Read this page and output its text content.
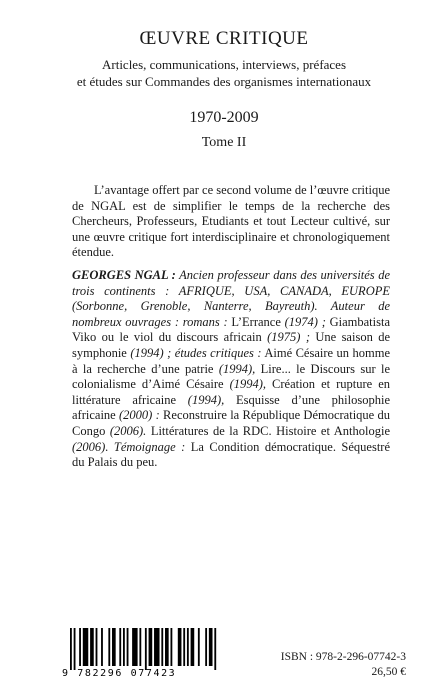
ŒUVRE CRITIQUE
Articles, communications, interviews, préfaces
et études sur Commandes des organismes internationaux
1970-2009
Tome II

L’avantage offert par ce second volume de l’œuvre critique de NGAL est de simplifier le temps de la recherche des Chercheurs, Professeurs, Etudiants et tout Lecteur cultivé, sur une œuvre critique fort interdisciplinaire et chronologiquement étendue.

GEORGES NGAL : Ancien professeur dans des universités de trois continents : AFRIQUE, USA, CANADA, EUROPE (Sorbonne, Grenoble, Nanterre, Bayreuth). Auteur de nombreux ouvrages : romans : L’Errance (1974) ; Giambatista Viko ou le viol du discours africain (1975) ; Une saison de symphonie (1994) ; études critiques : Aimé Césaire un homme à la recherche d’une patrie (1994), Lire... le Discours sur le colonialisme d’Aimé Césaire (1994), Création et rupture en littérature africaine (1994), Esquisse d’une philosophie africaine (2000) : Reconstruire la République Démocratique du Congo (2006). Littératures de la RDC. Histoire et Anthologie (2006). Témoignage : La Condition démocratique. Séquestré du Palais du peu.

9 782296 077423
ISBN : 978-2-296-07742-3
26,50 €
